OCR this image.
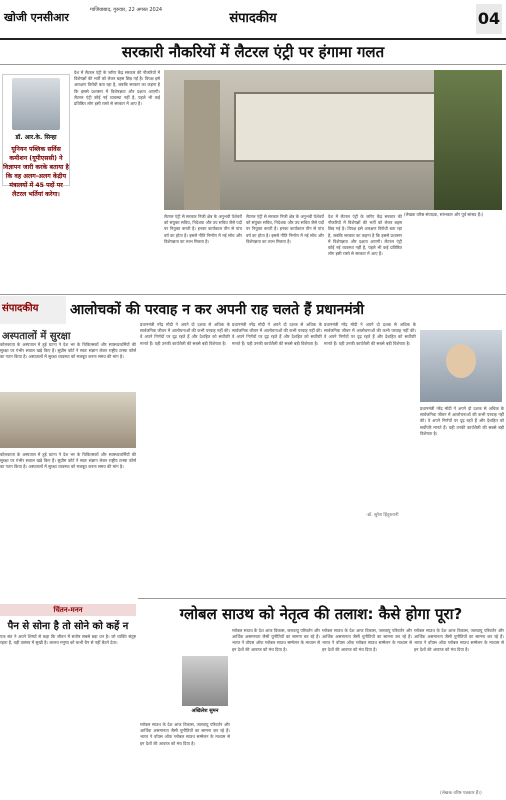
खोजी एनसीआर
गाजियाबाद, गुरुवार, 22 अगस्त 2024
संपादकीय	04
सरकारी नौकरियों में लैटरल एंट्री पर हंगामा गलत
डॉ. आर.के. सिन्हा
यूनियन पब्लिक सर्विस कमीशन (यूपीएससी) ने विज्ञापन जारी करके बताया है कि वह अलग-अलग केंद्रीय मंत्रालयों में 45 पदों पर लैटरल भर्तियां करेगा।
देश में लैटरल एंट्री के जरिए केंद्र सरकार की नौकरियों में विशेषज्ञों की भर्ती को लेकर बहस छिड़ गई है। विपक्ष इसे आरक्षण विरोधी बता रहा है, जबकि सरकार का कहना है कि इससे प्रशासन में विशेषज्ञता और दक्षता आएगी। लैटरल एंट्री कोई नई व्यवस्था नहीं है, पहले भी कई प्रतिष्ठित लोग इसी रास्ते से सरकार में आए हैं।
लैटरल एंट्री से सरकार निजी क्षेत्र के अनुभवी पेशेवरों को संयुक्त सचिव, निदेशक और उप सचिव जैसे पदों पर नियुक्त करती है। इनका कार्यकाल तीन से पांच वर्ष का होता है। इससे नीति निर्माण में नई सोच और विशेषज्ञता का लाभ मिलता है।
लैटरल एंट्री से सरकार निजी क्षेत्र के अनुभवी पेशेवरों को संयुक्त सचिव, निदेशक और उप सचिव जैसे पदों पर नियुक्त करती है। इनका कार्यकाल तीन से पांच वर्ष का होता है। इससे नीति निर्माण में नई सोच और विशेषज्ञता का लाभ मिलता है।
देश में लैटरल एंट्री के जरिए केंद्र सरकार की नौकरियों में विशेषज्ञों की भर्ती को लेकर बहस छिड़ गई है। विपक्ष इसे आरक्षण विरोधी बता रहा है, जबकि सरकार का कहना है कि इससे प्रशासन में विशेषज्ञता और दक्षता आएगी। लैटरल एंट्री कोई नई व्यवस्था नहीं है, पहले भी कई प्रतिष्ठित लोग इसी रास्ते से सरकार में आए हैं।
(लेखक वरिष्ठ संपादक, स्तंभकार और पूर्व सांसद हैं।)
संपादकीय
अस्पतालों में सुरक्षा
कोलकाता के अस्पताल में हुई घटना ने देश भर के चिकित्सकों और स्वास्थ्यकर्मियों की सुरक्षा पर गंभीर सवाल खड़े किए हैं। सुप्रीम कोर्ट ने स्वतः संज्ञान लेकर राष्ट्रीय टास्क फोर्स का गठन किया है। अस्पतालों में सुरक्षा व्यवस्था को मजबूत करना समय की मांग है।
कोलकाता के अस्पताल में हुई घटना ने देश भर के चिकित्सकों और स्वास्थ्यकर्मियों की सुरक्षा पर गंभीर सवाल खड़े किए हैं। सुप्रीम कोर्ट ने स्वतः संज्ञान लेकर राष्ट्रीय टास्क फोर्स का गठन किया है। अस्पतालों में सुरक्षा व्यवस्था को मजबूत करना समय की मांग है।
आलोचकों की परवाह न कर अपनी राह चलते हैं प्रधानमंत्री
प्रधानमंत्री नरेंद्र मोदी ने अपने दो दशक से अधिक के सार्वजनिक जीवन में आलोचनाओं की कभी परवाह नहीं की। वे अपने निर्णयों पर दृढ़ रहते हैं और देशहित को सर्वोपरि मानते हैं। यही उनकी कार्यशैली की सबसे बड़ी विशेषता है।
प्रधानमंत्री नरेंद्र मोदी ने अपने दो दशक से अधिक के सार्वजनिक जीवन में आलोचनाओं की कभी परवाह नहीं की। वे अपने निर्णयों पर दृढ़ रहते हैं और देशहित को सर्वोपरि मानते हैं। यही उनकी कार्यशैली की सबसे बड़ी विशेषता है।
प्रधानमंत्री नरेंद्र मोदी ने अपने दो दशक से अधिक के सार्वजनिक जीवन में आलोचनाओं की कभी परवाह नहीं की। वे अपने निर्णयों पर दृढ़ रहते हैं और देशहित को सर्वोपरि मानते हैं। यही उनकी कार्यशैली की सबसे बड़ी विशेषता है।
-डॉ. सुरेश हिंदुस्तानी
प्रधानमंत्री नरेंद्र मोदी ने अपने दो दशक से अधिक के सार्वजनिक जीवन में आलोचनाओं की कभी परवाह नहीं की। वे अपने निर्णयों पर दृढ़ रहते हैं और देशहित को सर्वोपरि मानते हैं। यही उनकी कार्यशैली की सबसे बड़ी विशेषता है।
चिंतन-मनन
पैन से सोना है तो सोने को कहें न
एक संत ने अपने शिष्यों से कहा कि जीवन में संतोष सबसे बड़ा धन है। जो व्यक्ति संतुष्ट रहता है, वही वास्तव में सुखी है। लालच मनुष्य को कभी चैन से नहीं बैठने देता।
ग्लोबल साउथ को नेतृत्व की तलाश: कैसे होगा पूरा?
अखिलेश सुमन
ग्लोबल साउथ के देश आज विकास, जलवायु परिवर्तन और आर्थिक असमानता जैसी चुनौतियों का सामना कर रहे हैं। भारत ने वॉयस ऑफ ग्लोबल साउथ सम्मेलन के माध्यम से इन देशों की आवाज को मंच दिया है।
ग्लोबल साउथ के देश आज विकास, जलवायु परिवर्तन और आर्थिक असमानता जैसी चुनौतियों का सामना कर रहे हैं। भारत ने वॉयस ऑफ ग्लोबल साउथ सम्मेलन के माध्यम से इन देशों की आवाज को मंच दिया है।
ग्लोबल साउथ के देश आज विकास, जलवायु परिवर्तन और आर्थिक असमानता जैसी चुनौतियों का सामना कर रहे हैं। भारत ने वॉयस ऑफ ग्लोबल साउथ सम्मेलन के माध्यम से इन देशों की आवाज को मंच दिया है।
ग्लोबल साउथ के देश आज विकास, जलवायु परिवर्तन और आर्थिक असमानता जैसी चुनौतियों का सामना कर रहे हैं। भारत ने वॉयस ऑफ ग्लोबल साउथ सम्मेलन के माध्यम से इन देशों की आवाज को मंच दिया है।
(लेखक वरिष्ठ पत्रकार हैं।)
